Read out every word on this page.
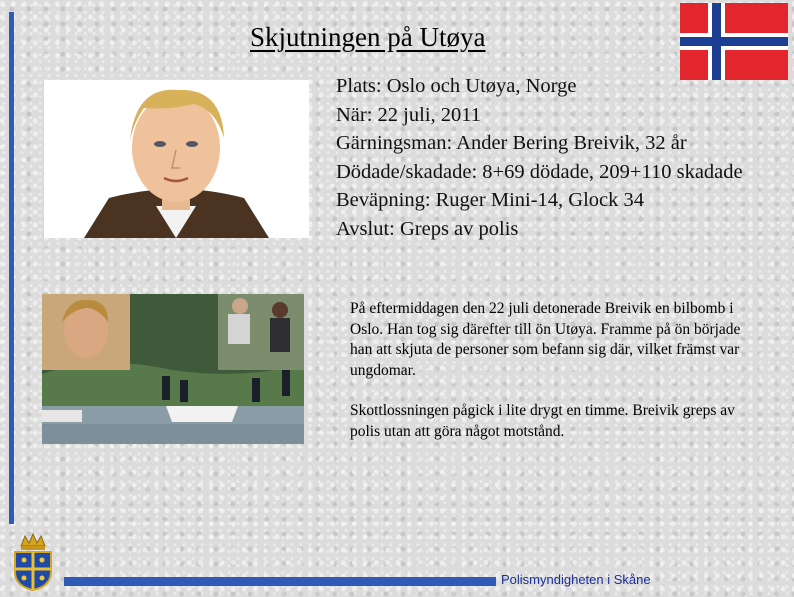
Skjutningen på Utøya
Plats: Oslo och Utøya, Norge
När: 22 juli, 2011
Gärningsman: Ander Bering Breivik, 32 år
Dödade/skadade: 8+69 dödade, 209+110 skadade
Beväpning: Ruger Mini-14, Glock 34
Avslut: Greps av polis

På eftermiddagen den 22 juli detonerade Breivik en bilbomb i Oslo. Han tog sig därefter till ön Utøya. Framme på ön började han att skjuta de personer som befann sig där, vilket främst var ungdomar.

Skottlossningen pågick i lite drygt en timme. Breivik greps av polis utan att göra något motstånd.

Polismyndigheten i Skåne
